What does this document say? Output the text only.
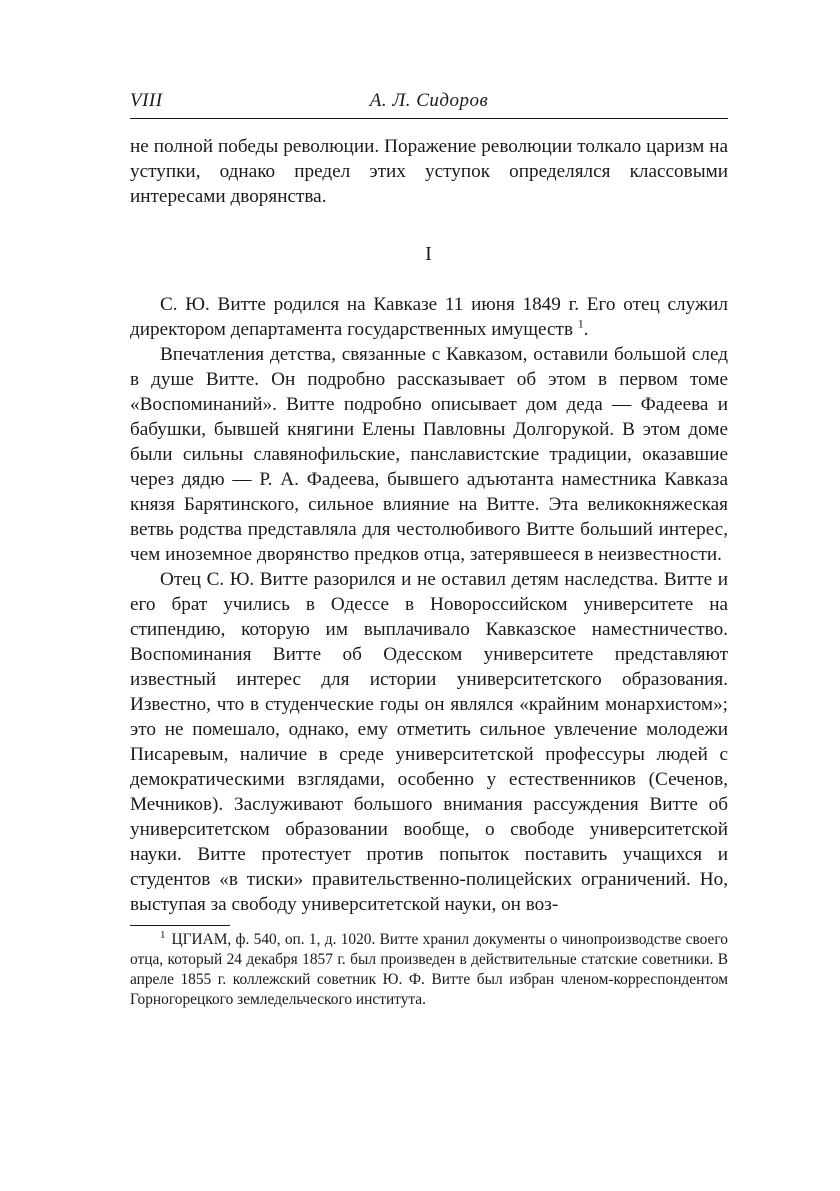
VIII	А. Л. Сидоров

не полной победы революции. Поражение революции толкало царизм на уступки, однако предел этих уступок определялся классовыми интересами дворянства.

I

С. Ю. Витте родился на Кавказе 11 июня 1849 г. Его отец служил директором департамента государственных имуществ $^1$.

Впечатления детства, связанные с Кавказом, оставили большой след в душе Витте. Он подробно рассказывает об этом в первом томе «Воспоминаний». Витте подробно описывает дом деда — Фадеева и бабушки, бывшей княгини Елены Павловны Долгорукой. В этом доме были сильны славянофильские, панславистские традиции, оказавшие через дядю — Р. А. Фадеева, бывшего адъютанта наместника Кавказа князя Барятинского, сильное влияние на Витте. Эта великокняжеская ветвь родства представляла для честолюбивого Витте больший интерес, чем иноземное дворянство предков отца, затерявшееся в неизвестности.

Отец С. Ю. Витте разорился и не оставил детям наследства. Витте и его брат учились в Одессе в Новороссийском университете на стипендию, которую им выплачивало Кавказское наместничество. Воспоминания Витте об Одесском университете представляют известный интерес для истории университетского образования. Известно, что в студенческие годы он являлся «крайним монархистом»; это не помешало, однако, ему отметить сильное увлечение молодежи Писаревым, наличие в среде университетской профессуры людей с демократическими взглядами, особенно у естественников (Сеченов, Мечников). Заслуживают большого внимания рассуждения Витте об университетском образовании вообще, о свободе университетской науки. Витте протестует против попыток поставить учащихся и студентов «в тиски» правительственно-полицейских ограничений. Но, выступая за свободу университетской науки, он воз-

$^1$ ЦГИАМ, ф. 540, оп. 1, д. 1020. Витте хранил документы о чинопроизводстве своего отца, который 24 декабря 1857 г. был произведен в действительные статские советники. В апреле 1855 г. коллежский советник Ю. Ф. Витте был избран членом-корреспондентом Горногорецкого земледельческого института.
